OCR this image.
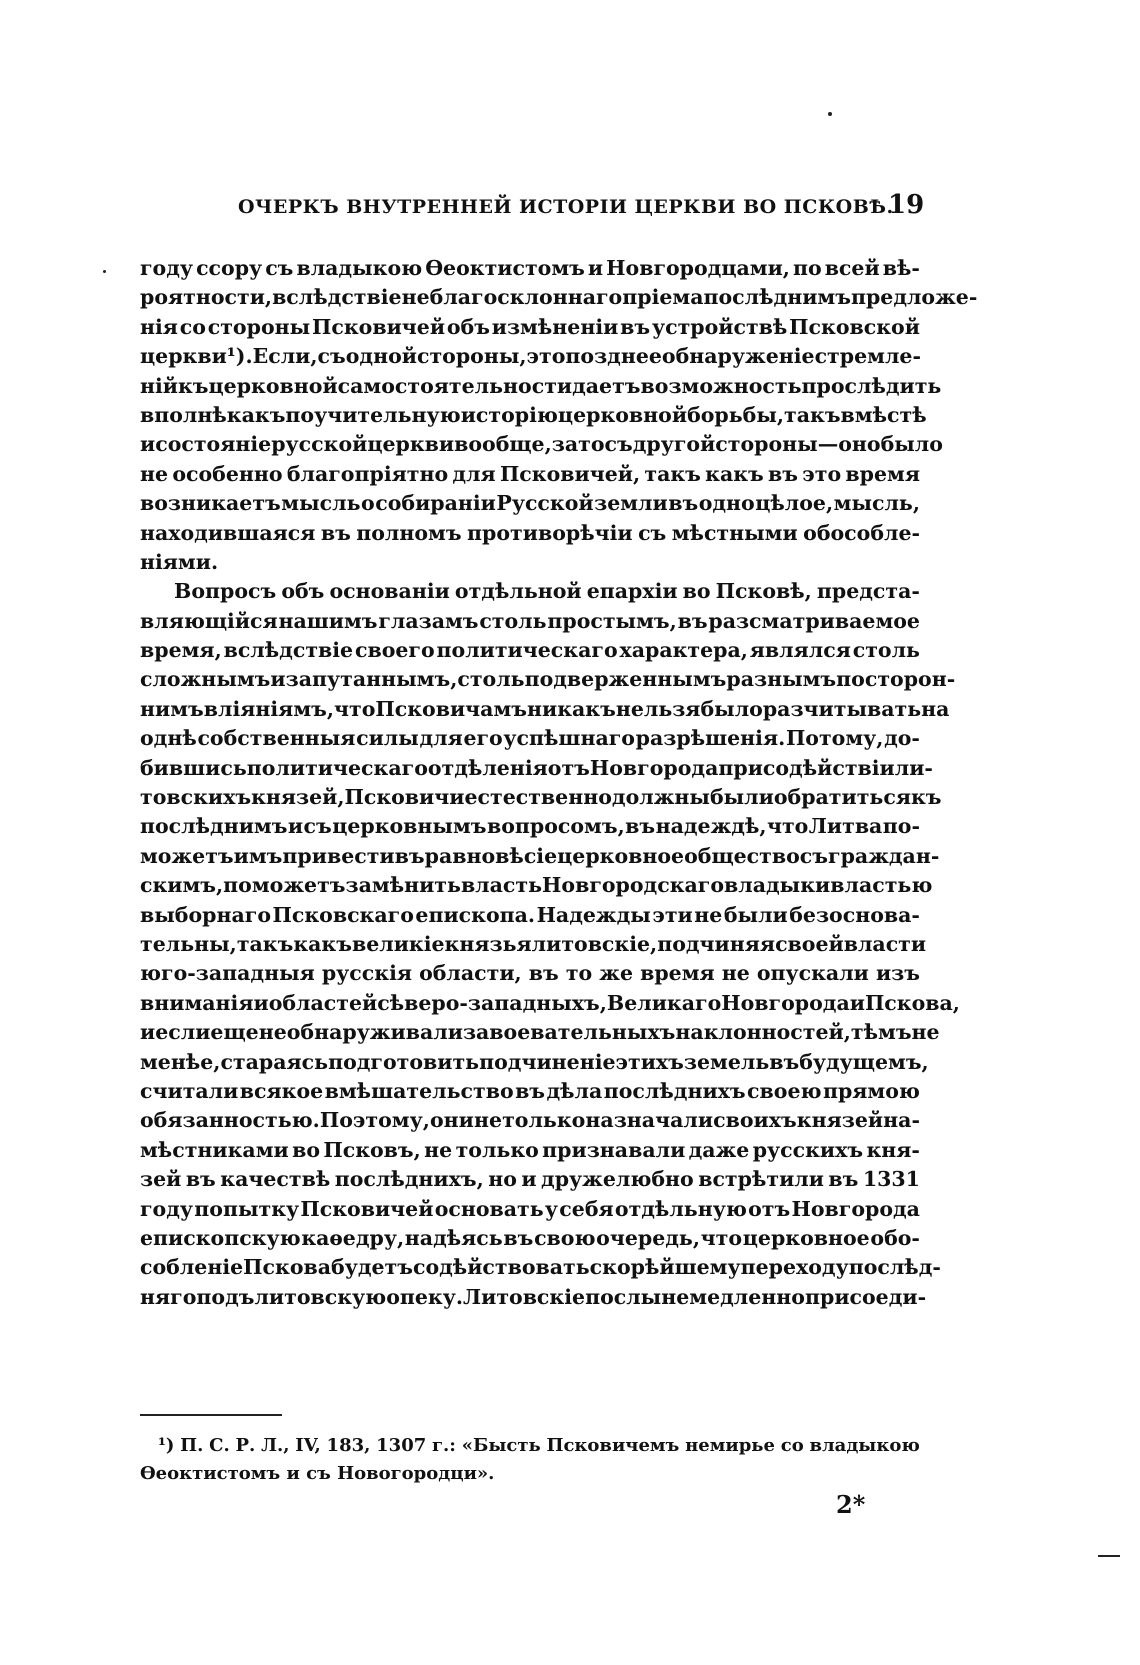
ОЧЕРКЪ ВНУТРЕННЕЙ ИСТОРІИ ЦЕРКВИ ВО ПСКОВѢ.
19
году ссору съ владыкою Ѳеоктистомъ и Новгородцами, по всей вѣ-
роятности, вслѣдствіе неблагосклоннаго пріема послѣднимъ предложе-
нія со стороны Псковичей объ измѣненіи въ устройствѣ Псковской
церкви ¹). Если, съ одной стороны, это позднее обнаруженіе стремле-
ній къ церковной самостоятельности даетъ возможность прослѣдить
вполнѣ какъ поучительную исторію церковной борьбы, такъ вмѣстѣ
и состояніе русской церкви вообще, за то съ другой стороны—оно было
не особенно благопріятно для Псковичей, такъ какъ въ это время
возникаетъ мысль о собираніи Русской земли въ одно цѣлое, мысль,
находившаяся въ полномъ противорѣчіи съ мѣстными обособле-
ніями.
Вопросъ объ основаніи отдѣльной епархіи во Псковѣ, предста-
вляющійся нашимъ глазамъ столь простымъ, въ разсматриваемое
время, вслѣдствіе своего политическаго характера, являлся столь
сложнымъ и запутаннымъ, столь подверженнымъ разнымъ посторон-
нимъ вліяніямъ, что Псковичамъ никакъ нельзя было разчитывать на
однѣ собственныя силы для его успѣшнаго разрѣшенія. Потому, до-
бившись политическаго отдѣленія отъ Новгорода при содѣйствіи ли-
товскихъ князей, Псковичи естественно должны были обратиться къ
послѣднимъ и съ церковнымъ вопросомъ, въ надеждѣ, что Литва по-
можетъ имъ привести въ равновѣсіе церковное общество съ граждан-
скимъ, поможетъ замѣнить власть Новгородскаго владыки властью
выборнаго Псковскаго епископа. Надежды эти не были безоснова-
тельны, такъ какъ великіе князья литовскіе, подчиняя своей власти
юго-западныя русскія области, въ то же время не опускали изъ
вниманія и областей сѣверо-западныхъ, Великаго Новгорода и Пскова,
и если еще не обнаруживали завоевательныхъ наклонностей, тѣмъ не
менѣе, стараясь подготовить подчиненіе этихъ земель въ будущемъ,
считали всякое вмѣшательство въ дѣла послѣднихъ своею прямою
обязанностью. Поэтому, они не только назначали своихъ князей на-
мѣстниками во Псковъ, не только признавали даже русскихъ кня-
зей въ качествѣ послѣднихъ, но и дружелюбно встрѣтили въ 1331
году попытку Псковичей основать у себя отдѣльную отъ Новгорода
епископскую каѳедру, надѣясь въ свою очередь, что церковное обо-
собленіе Пскова будетъ содѣйствовать скорѣйшему переходу послѣд-
няго подъ литовскую опеку. Литовскіе послы немедленно присоеди-
¹) П. С. Р. Л., IV, 183, 1307 г.: «Бысть Псковичемъ немирье со владыкою
Ѳеоктистомъ и съ Новогородци».
2*
